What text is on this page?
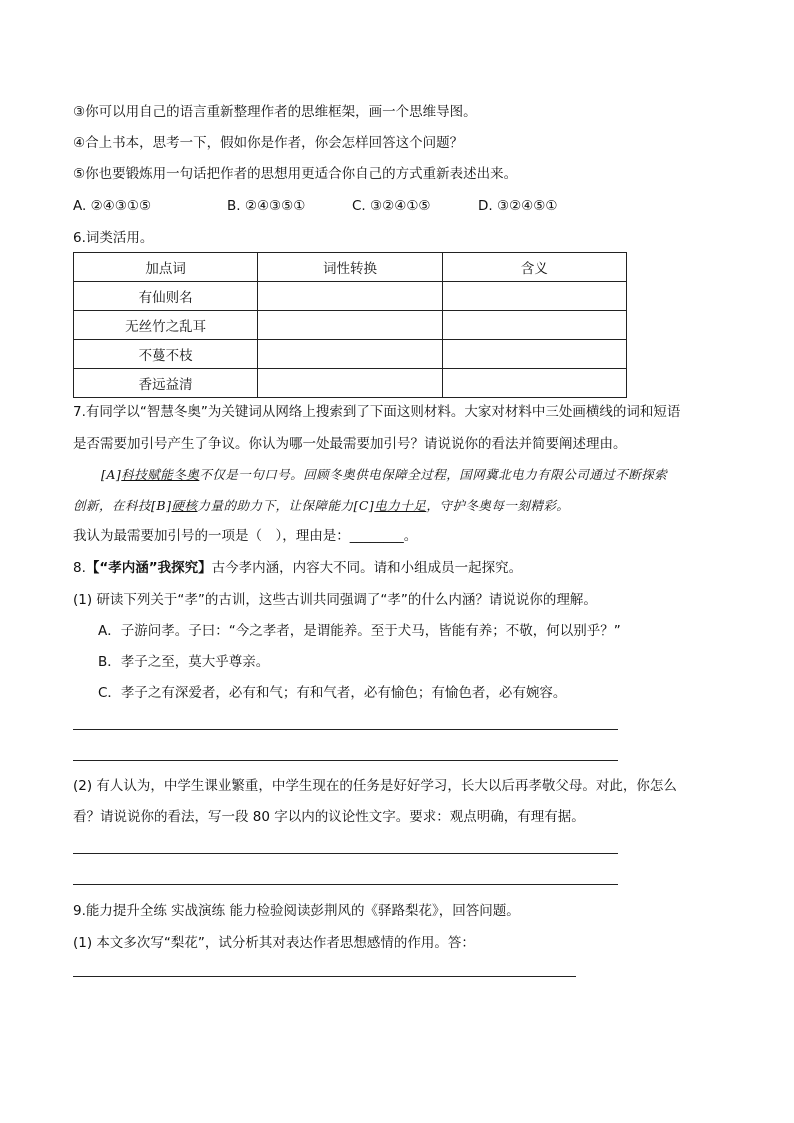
③你可以用自己的语言重新整理作者的思维框架，画一个思维导图。
④合上书本，思考一下，假如你是作者，你会怎样回答这个问题？
⑤你也要锻炼用一句话把作者的思想用更适合你自己的方式重新表述出来。
A. ②④③①⑤	B. ②④③⑤①	C. ③②④①⑤	D. ③②④⑤①
6.词类活用。
加点词	词性转换	含义
有仙则名		
无丝竹之乱耳		
不蔓不枝		
香远益清		
7.有同学以“智慧冬奥”为关键词从网络上搜索到了下面这则材料。大家对材料中三处画横线的词和短语
是否需要加引号产生了争议。你认为哪一处最需要加引号？请说说你的看法并简要阐述理由。
[A]科技赋能冬奥不仅是一句口号。回顾冬奥供电保障全过程，国网冀北电力有限公司通过不断探索
创新，在科技[B]硬核力量的助力下，让保障能力[C]电力十足，守护冬奥每一刻精彩。
我认为最需要加引号的一项是（　），理由是：________。
8.【“孝内涵”我探究】古今孝内涵，内容大不同。请和小组成员一起探究。
(1) 研读下列关于“孝”的古训，这些古训共同强调了“孝”的什么内涵？请说说你的理解。
A．子游问孝。子曰：“今之孝者，是谓能养。至于犬马，皆能有养；不敬，何以别乎？”
B．孝子之至，莫大乎尊亲。
C．孝子之有深爱者，必有和气；有和气者，必有愉色；有愉色者，必有婉容。
(2) 有人认为，中学生课业繁重，中学生现在的任务是好好学习，长大以后再孝敬父母。对此，你怎么
看？请说说你的看法，写一段 80 字以内的议论性文字。要求：观点明确，有理有据。
9.能力提升全练 实战演练 能力检验阅读彭荆风的《驿路梨花》，回答问题。
(1) 本文多次写“梨花”，试分析其对表达作者思想感情的作用。答：
